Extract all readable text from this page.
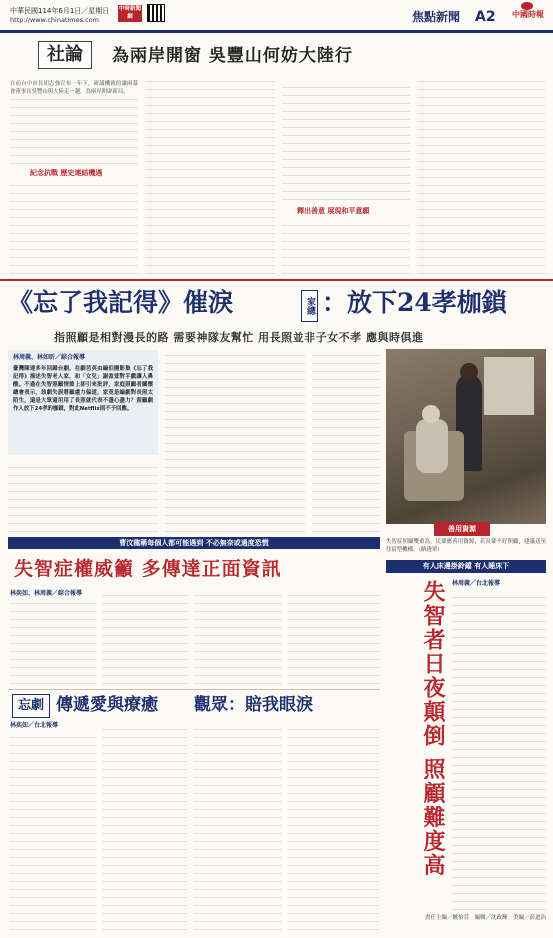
中華民國114年6月1日／星期日
http://www.chinatimes.com
中時新聞網	焦點新聞 A2	中國時報
社論 為兩岸開窗 吳豐山何妨大陸行
在前台中市長胡志強宣布一年下，研議機就的讓兩幕會董事長吳豐山與大陸走一趟，為兩岸開辟新局。
紀念抗戰 歷史連結機遇
釋出善意 展現和平意願
《忘了我記得》催淚	家總 ：放下24孝枷鎖
指照顧是相對漫長的路 需要神隊友幫忙 用長照並非子女不孝 應與時俱進
林周義、林如昕／綜合報導
臺灣陳達多年回歸台劇，在劇芭英由編伯圃影集《忘了我記得》描述失智老人家，和「女兒」謝盈萱對手戲讓人鼻酸。不過在失智照顧情節上卻引來批評，家庭照顧者關懷總會表示，該劇失誤將顧慮力偏道，家竟是編劇對長照太陌生，還是大眾還用用了長照就代表不盡心盡力？照顧劇作人放下24孝的枷鎖，對此Netflix則不予回應。
善用資源
失智症照顧雙重為，民眾應善用資源，若長輩不好照顧，建議送至住宿型機構。（路透單）
曹汶龍稱每個人都可能遇到 不必無奈或過度恐慌
失智症權威籲 多傳達正面資訊
林奕如、林周義／綜合報導
忘劇 傳遞愛與療癒 觀眾：賠我眼淚
林奕如／台北報導
有人床邊掛鈴鐺 有人睡床下
失智者日夜顛倒 照顧難度高 林周義／台北報導
責任主編／饒怡萱　編輯／沈政輝　美編／彭道治
